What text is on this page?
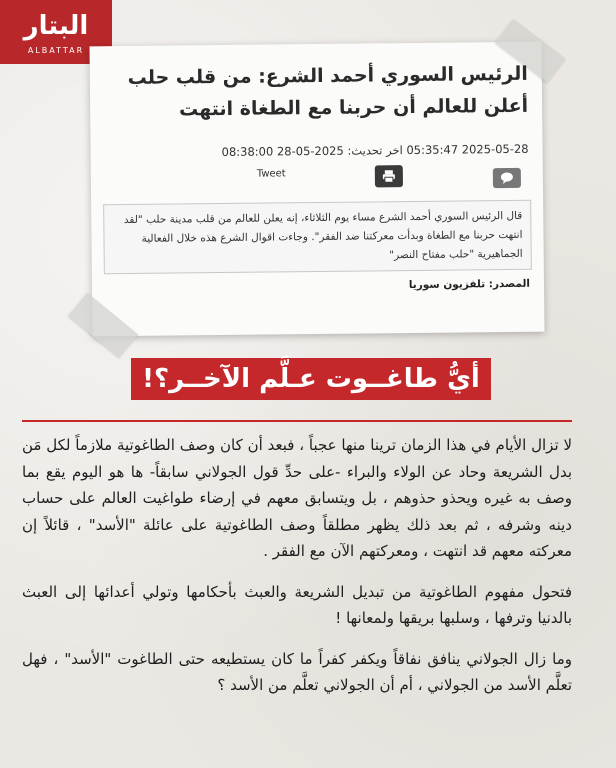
البتار
ALBATTAR
الرئيس السوري أحمد الشرع: من قلب حلب أعلن للعالم أن حربنا مع الطغاة انتهت
2025-05-28 05:35:47 اخر تحديث: 2025-05-28 08:38:00
Tweet

قال الرئيس السوري أحمد الشرع مساء يوم الثلاثاء، إنه يعلن للعالم من قلب مدينة حلب "لقد انتهت حربنا مع الطغاة وبدأت معركتنا ضد الفقر". وجاءت اقوال الشرع هذه خلال الفعالية الجماهيرية "حلب مفتاح النصر"

المصدر: تلفزيون سوريا
أيُّ طاغــوت عـلَّم الآخــر؟!

لا تزال الأيام في هذا الزمان ترينا منها عجباً ، فبعد أن كان وصف الطاغوتية ملازماً لكل مَن بدل الشريعة وحاد عن الولاء والبراء -على حدِّ قول الجولاني سابقاً- ها هو اليوم يقع بما وصف به غيره ويحذو حذوهم ، بل ويتسابق معهم في إرضاء طواغيت العالم على حساب دينه وشرفه ، ثم بعد ذلك يظهر مطلقاً وصف الطاغوتية على عائلة "الأسد" ، قائلاً إن معركته معهم قد انتهت ، ومعركتهم الآن مع الفقر .

فتحول مفهوم الطاغوتية من تبديل الشريعة والعبث بأحكامها وتولي أعدائها إلى العبث بالدنيا وترفها ، وسلبها بريقها ولمعانها !

وما زال الجولاني ينافق نفاقاً ويكفر كفراً ما كان يستطيعه حتى الطاغوت "الأسد" ، فهل تعلَّم الأسد من الجولاني ، أم أن الجولاني تعلَّم من الأسد ؟
